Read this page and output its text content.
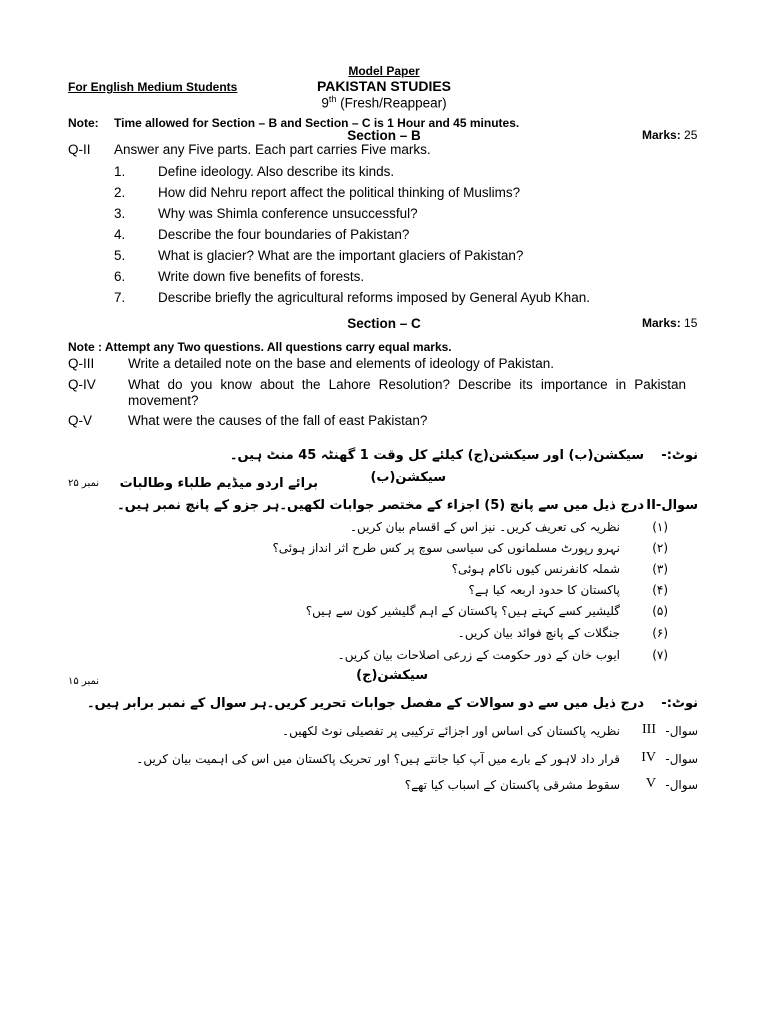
Model Paper
For English Medium Students	PAKISTAN STUDIES
9th (Fresh/Reappear)
Note: Time allowed for Section – B and Section – C is 1 Hour and 45 minutes.
Section – B	Marks: 25
Q-II Answer any Five parts. Each part carries Five marks.
1. Define ideology. Also describe its kinds.
2. How did Nehru report affect the political thinking of Muslims?
3. Why was Shimla conference unsuccessful?
4. Describe the four boundaries of Pakistan?
5. What is glacier? What are the important glaciers of Pakistan?
6. Write down five benefits of forests.
7. Describe briefly the agricultural reforms imposed by General Ayub Khan.
Section – C	Marks: 15
Note : Attempt any Two questions. All questions carry equal marks.
Q-III	Write a detailed note on the base and elements of ideology of Pakistan.
Q-IV What do you know about the Lahore Resolution? Describe its importance in Pakistan movement?
Q-V	What were the causes of the fall of east Pakistan?
نوٹ:-
سیکشن(ب) اور سیکشن(ج) کیلئے کل وقت 1 گھنٹہ 45 منٹ ہیں۔
سیکشن(ب)
نمبر ۲۵ برائے اردو میڈیم طلباء وطالبات
سوال-II
درج ذیل میں سے پانچ (5) اجزاء کے مختصر جوابات لکھیں۔ہر جزو کے پانچ نمبر ہیں۔
(۱)
نظریہ کی تعریف کریں۔ نیز اس کے اقسام بیان کریں۔
(۲)
نہرو رپورٹ مسلمانوں کی سیاسی سوچ پر کس طرح اثر انداز ہوئی؟
(۳)
شملہ کانفرنس کیوں ناکام ہوئی؟
(۴)
پاکستان کا حدود اربعہ کیا ہے؟
(۵)
گلیشیر کسے کہتے ہیں؟ پاکستان کے اہم گلیشیر کون سے ہیں؟
(۶)
جنگلات کے پانچ فوائد بیان کریں۔
(۷)
ایوب خان کے دور حکومت کے زرعی اصلاحات بیان کریں۔
نمبر ۱۵	سیکشن(ج)
نوٹ:-
درج ذیل میں سے دو سوالات کے مفصل جوابات تحریر کریں۔ہر سوال کے نمبر برابر ہیں۔
سوال-
III
نظریہ پاکستان کی اساس اور اجزائے ترکیبی پر تفصیلی نوٹ لکھیں۔
سوال-
IV
قرار داد لاہور کے بارے میں آپ کیا جانتے ہیں؟ اور تحریک پاکستان میں اس کی اہمیت بیان کریں۔
سوال-
V
سقوط مشرقی پاکستان کے اسباب کیا تھے؟
